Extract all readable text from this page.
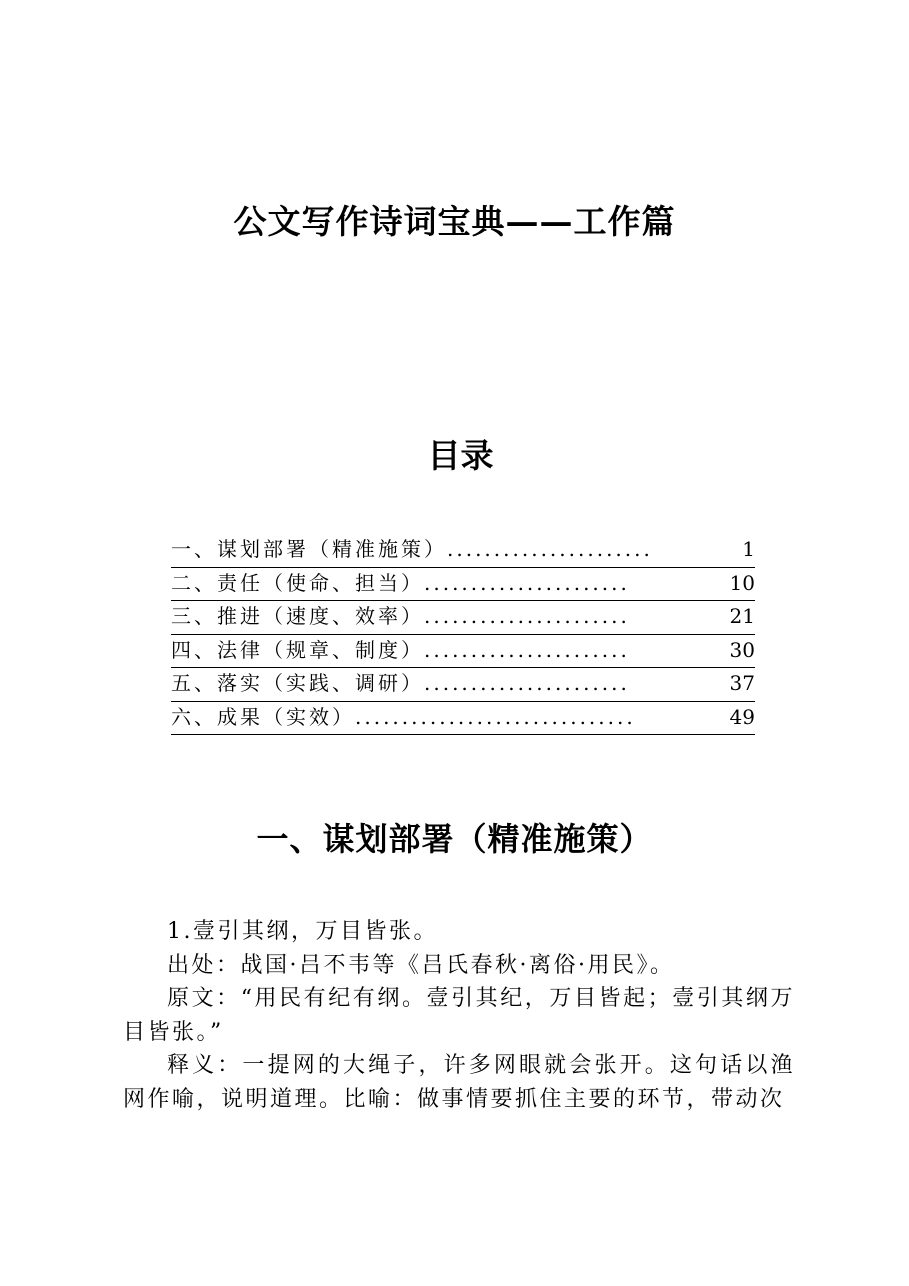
公文写作诗词宝典——工作篇
目录
一、谋划部署（精准施策） ......................	1
二、责任（使命、担当） ......................	10
三、推进（速度、效率） ......................	21
四、法律（规章、制度） ......................	30
五、落实（实践、调研） ......................	37
六、成果（实效） ..............................	49
一、谋划部署（精准施策）

1.壹引其纲，万目皆张。

出处：战国·吕不韦等《吕氏春秋·离俗·用民》。

原文：“用民有纪有纲。壹引其纪，万目皆起；壹引其纲万目皆张。”

释义：一提网的大绳子，许多网眼就会张开。这句话以渔网作喻，说明道理。比喻：做事情要抓住主要的环节，带动次
